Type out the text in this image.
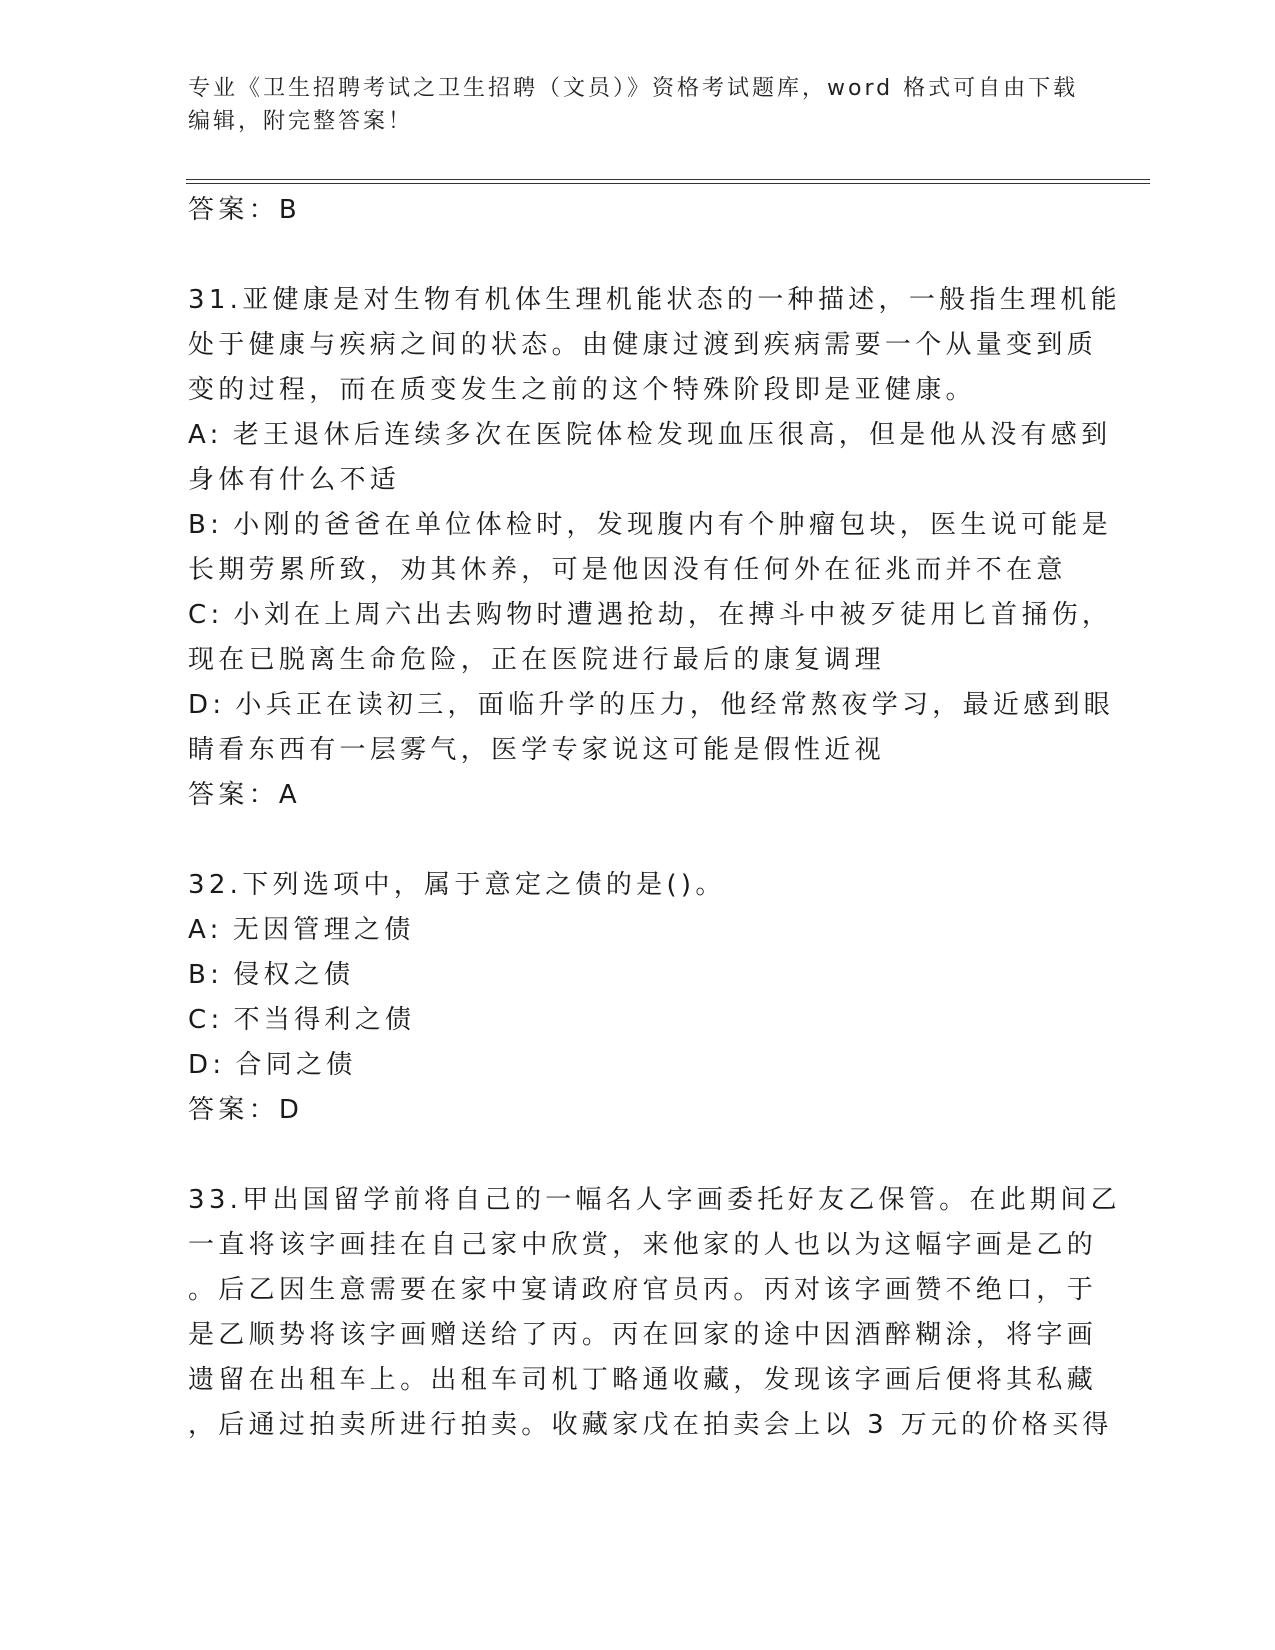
专业《卫生招聘考试之卫生招聘（文员）》资格考试题库，word 格式可自由下载
编辑，附完整答案！
答案：B
31.亚健康是对生物有机体生理机能状态的一种描述，一般指生理机能
处于健康与疾病之间的状态。由健康过渡到疾病需要一个从量变到质
变的过程，而在质变发生之前的这个特殊阶段即是亚健康。
A: 老王退休后连续多次在医院体检发现血压很高，但是他从没有感到
身体有什么不适
B: 小刚的爸爸在单位体检时，发现腹内有个肿瘤包块，医生说可能是
长期劳累所致，劝其休养，可是他因没有任何外在征兆而并不在意
C: 小刘在上周六出去购物时遭遇抢劫，在搏斗中被歹徒用匕首捅伤，
现在已脱离生命危险，正在医院进行最后的康复调理
D: 小兵正在读初三，面临升学的压力，他经常熬夜学习，最近感到眼
睛看东西有一层雾气，医学专家说这可能是假性近视
答案：A
32.下列选项中，属于意定之债的是()。
A: 无因管理之债
B: 侵权之债
C: 不当得利之债
D: 合同之债
答案：D
33.甲出国留学前将自己的一幅名人字画委托好友乙保管。在此期间乙
一直将该字画挂在自己家中欣赏，来他家的人也以为这幅字画是乙的
。后乙因生意需要在家中宴请政府官员丙。丙对该字画赞不绝口，于
是乙顺势将该字画赠送给了丙。丙在回家的途中因酒醉糊涂，将字画
遗留在出租车上。出租车司机丁略通收藏，发现该字画后便将其私藏
，后通过拍卖所进行拍卖。收藏家戊在拍卖会上以 3 万元的价格买得
